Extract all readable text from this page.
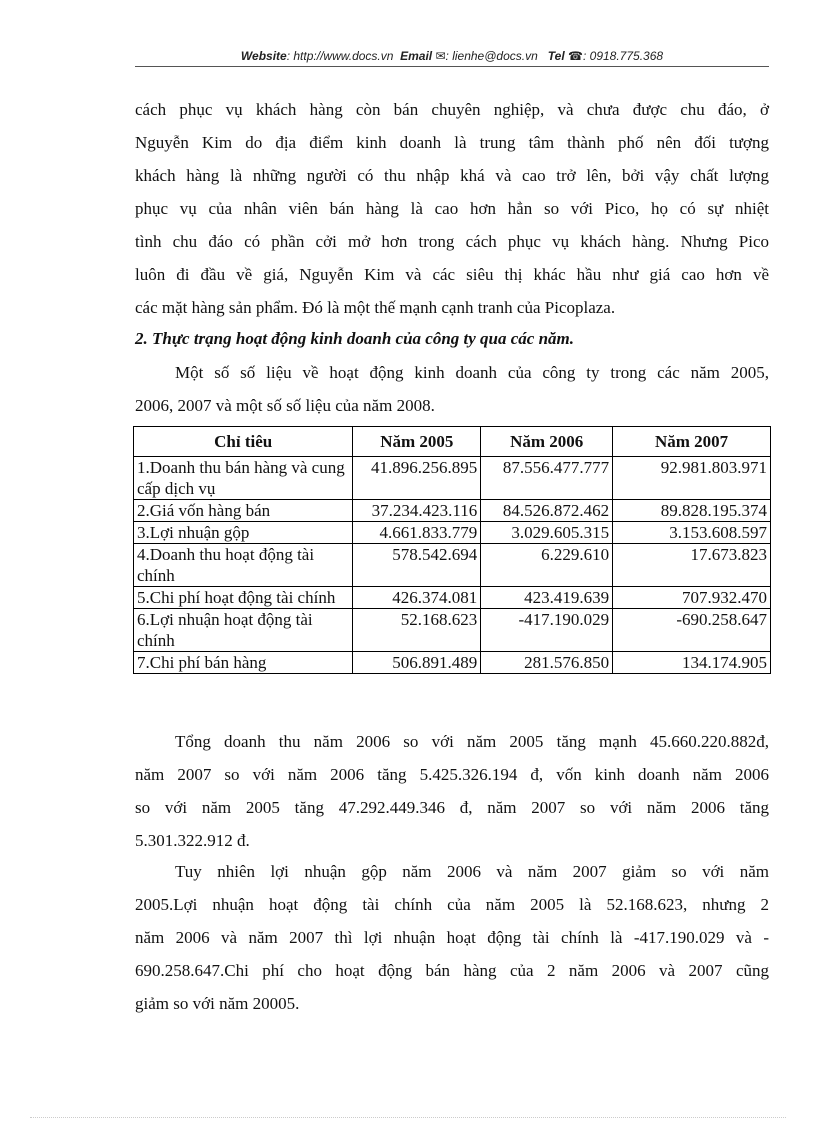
Website: http://www.docs.vn Email ✉: lienhe@docs.vn Tel ☎: 0918.775.368

cách phục vụ khách hàng còn bán chuyên nghiệp, và chưa được chu đáo, ở
Nguyễn Kim do địa điểm kinh doanh là trung tâm thành phố nên đối tượng
khách hàng là những người có thu nhập khá và cao trở lên, bởi vậy chất lượng
phục vụ của nhân viên bán hàng là cao hơn hẳn so với Pico, họ có sự nhiệt
tình chu đáo có phần cởi mở hơn trong cách phục vụ khách hàng. Nhưng Pico
luôn đi đầu về giá, Nguyễn Kim và các siêu thị khác hầu như giá cao hơn về
các mặt hàng sản phẩm. Đó là một thế mạnh cạnh tranh của Picoplaza.

2. Thực trạng hoạt động kinh doanh của công ty qua các năm.

Một số số liệu về hoạt động kinh doanh của công ty trong các năm 2005,
2006, 2007 và một số số liệu của năm 2008.

Chỉ tiêu	Năm 2005	Năm 2006	Năm 2007
1.Doanh thu bán hàng và cung cấp dịch vụ	41.896.256.895	87.556.477.777	92.981.803.971
2.Giá vốn hàng bán	37.234.423.116	84.526.872.462	89.828.195.374
3.Lợi nhuận gộp	4.661.833.779	3.029.605.315	3.153.608.597
4.Doanh thu hoạt động tài chính	578.542.694	6.229.610	17.673.823
5.Chi phí hoạt động tài chính	426.374.081	423.419.639	707.932.470
6.Lợi nhuận hoạt động tài chính	52.168.623	-417.190.029	-690.258.647
7.Chi phí bán hàng	506.891.489	281.576.850	134.174.905

Tổng doanh thu năm 2006 so với năm 2005 tăng mạnh 45.660.220.882đ,
năm 2007 so với năm 2006 tăng 5.425.326.194 đ, vốn kinh doanh năm 2006
so với năm 2005 tăng 47.292.449.346 đ, năm 2007 so với năm 2006 tăng
5.301.322.912 đ.

Tuy nhiên lợi nhuận gộp năm 2006 và năm 2007 giảm so với năm
2005.Lợi nhuận hoạt động tài chính của năm 2005 là 52.168.623, nhưng 2
năm 2006 và năm 2007 thì lợi nhuận hoạt động tài chính là -417.190.029 và -
690.258.647.Chi phí cho hoạt động bán hàng của 2 năm 2006 và 2007 cũng
giảm so với năm 20005.
